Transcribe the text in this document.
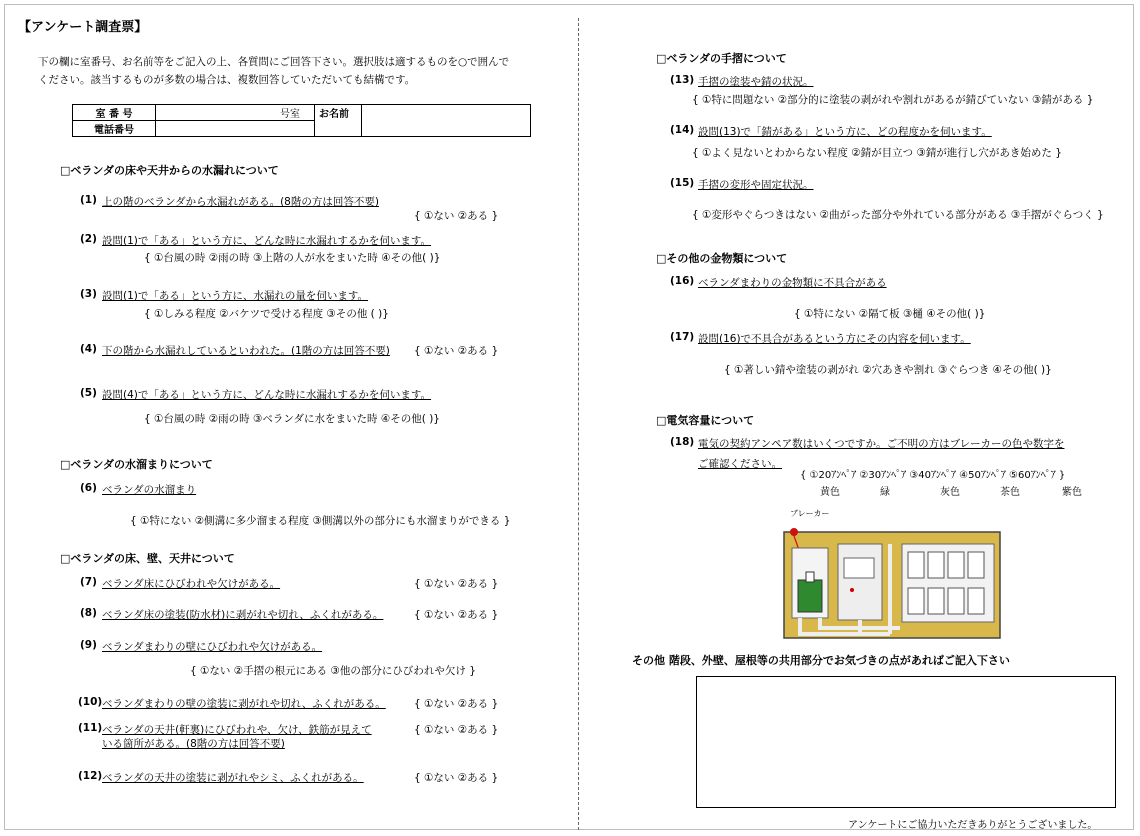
【アンケート調査票】
下の欄に室番号、お名前等をご記入の上、各質問にご回答下さい。選択肢は適するものを○で囲んで
ください。該当するものが多数の場合は、複数回答していただいても結構です。
室 番 号	号室	お名前	
電話番号			
□ベランダの床や天井からの水漏れについて
(1) 上の階のベランダから水漏れがある。(8階の方は回答不要)
{ ①ない ②ある }
(2) 設問(1)で「ある」という方に、どんな時に水漏れするかを伺います。
{ ①台風の時 ②雨の時 ③上階の人が水をまいた時 ④その他( )}
(3) 設問(1)で「ある」という方に、水漏れの量を伺います。
{ ①しみる程度 ②バケツで受ける程度 ③その他 ( )}
(4) 下の階から水漏れしているといわれた。(1階の方は回答不要) { ①ない ②ある }
(5) 設問(4)で「ある」という方に、どんな時に水漏れするかを伺います。
{ ①台風の時 ②雨の時 ③ベランダに水をまいた時 ④その他( )}
□ベランダの水溜まりについて
(6) ベランダの水溜まり
{ ①特にない ②側溝に多少溜まる程度 ③側溝以外の部分にも水溜まりができる }
□ベランダの床、壁、天井について
(7) ベランダ床にひびわれや欠けがある。	{ ①ない ②ある }
(8) ベランダ床の塗装(防水材)に剥がれや切れ、ふくれがある。	{ ①ない ②ある }
(9) ベランダまわりの壁にひびわれや欠けがある。
{ ①ない ②手摺の根元にある ③他の部分にひびわれや欠け }
(10) ベランダまわりの壁の塗装に剥がれや切れ、ふくれがある。	{ ①ない ②ある }
(11) ベランダの天井(軒裏)にひびわれや、欠け、鉄筋が見えて
いる箇所がある。(8階の方は回答不要)
{ ①ない ②ある }
(12) ベランダの天井の塗装に剥がれやシミ、ふくれがある。	{ ①ない ②ある }
□ベランダの手摺について
(13) 手摺の塗装や錆の状況。
{ ①特に問題ない ②部分的に塗装の剥がれや割れがあるが錆びていない ③錆がある }
(14) 設問(13)で「錆がある」という方に、どの程度かを伺います。
{ ①よく見ないとわからない程度 ②錆が目立つ ③錆が進行し穴があき始めた }
(15) 手摺の変形や固定状況。
{ ①変形やぐらつきはない ②曲がった部分や外れている部分がある ③手摺がぐらつく }
□その他の金物類について
(16) ベランダまわりの金物類に不具合がある
{ ①特にない ②隔て板 ③樋 ④その他( )}
(17) 設問(16)で不具合があるという方にその内容を伺います。
{ ①著しい錆や塗装の剥がれ ②穴あきや割れ ③ぐらつき ④その他( )}
□電気容量について
(18) 電気の契約アンペア数はいくつですか。ご不明の方はブレーカーの色や数字を
ご確認ください。
{ ①20ｱﾝﾍﾟｱ ②30ｱﾝﾍﾟｱ ③40ｱﾝﾍﾟｱ ④50ｱﾝﾍﾟｱ ⑤60ｱﾝﾍﾟｱ }
黄色	緑	灰色	茶色	紫色
ブレーカー
その他 階段、外壁、屋根等の共用部分でお気づきの点があればご記入下さい
アンケートにご協力いただきありがとうございました。
